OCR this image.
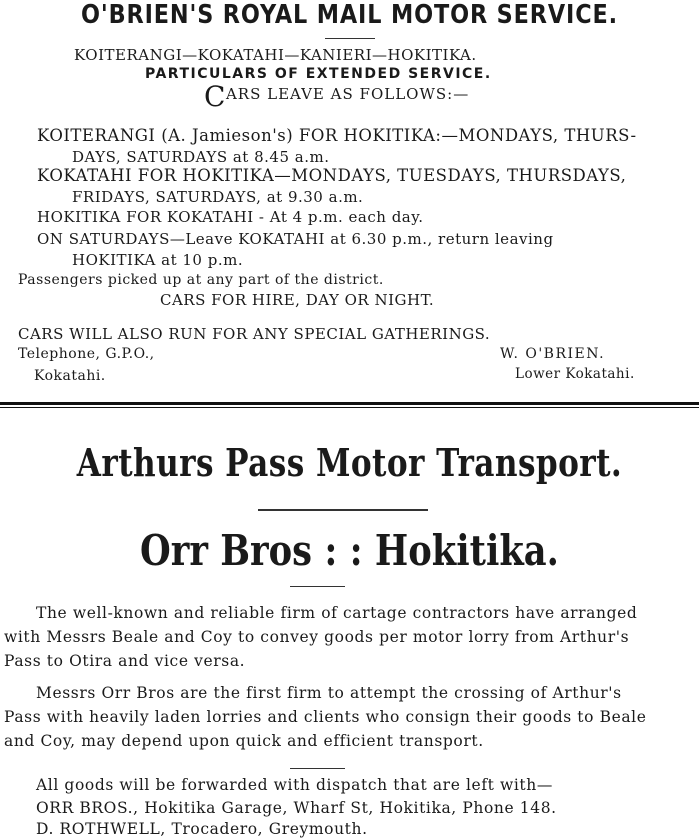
O'BRIEN'S ROYAL MAIL MOTOR SERVICE.
KOITERANGI—KOKATAHI—KANIERI—HOKITIKA.
PARTICULARS OF EXTENDED SERVICE.
CARS LEAVE AS FOLLOWS:—
KOITERANGI (A. Jamieson's) FOR HOKITIKA:—MONDAYS, THURS-
DAYS, SATURDAYS at 8.45 a.m.
KOKATAHI FOR HOKITIKA—MONDAYS, TUESDAYS, THURSDAYS,
FRIDAYS, SATURDAYS, at 9.30 a.m.
HOKITIKA FOR KOKATAHI - At 4 p.m. each day.
ON SATURDAYS—Leave KOKATAHI at 6.30 p.m., return leaving
HOKITIKA at 10 p.m.
Passengers picked up at any part of the district.
CARS FOR HIRE, DAY OR NIGHT.
CARS WILL ALSO RUN FOR ANY SPECIAL GATHERINGS.
Telephone, G.P.O.,
Kokatahi.
W. O'BRIEN.
Lower Kokatahi.
Arthurs Pass Motor Transport.
Orr Bros : : Hokitika.
The well-known and reliable firm of cartage contractors have arranged
with Messrs Beale and Coy to convey goods per motor lorry from Arthur's
Pass to Otira and vice versa.
Messrs Orr Bros are the first firm to attempt the crossing of Arthur's
Pass with heavily laden lorries and clients who consign their goods to Beale
and Coy, may depend upon quick and efficient transport.
All goods will be forwarded with dispatch that are left with—
ORR BROS., Hokitika Garage, Wharf St, Hokitika, Phone 148.
D. ROTHWELL, Trocadero, Greymouth.
